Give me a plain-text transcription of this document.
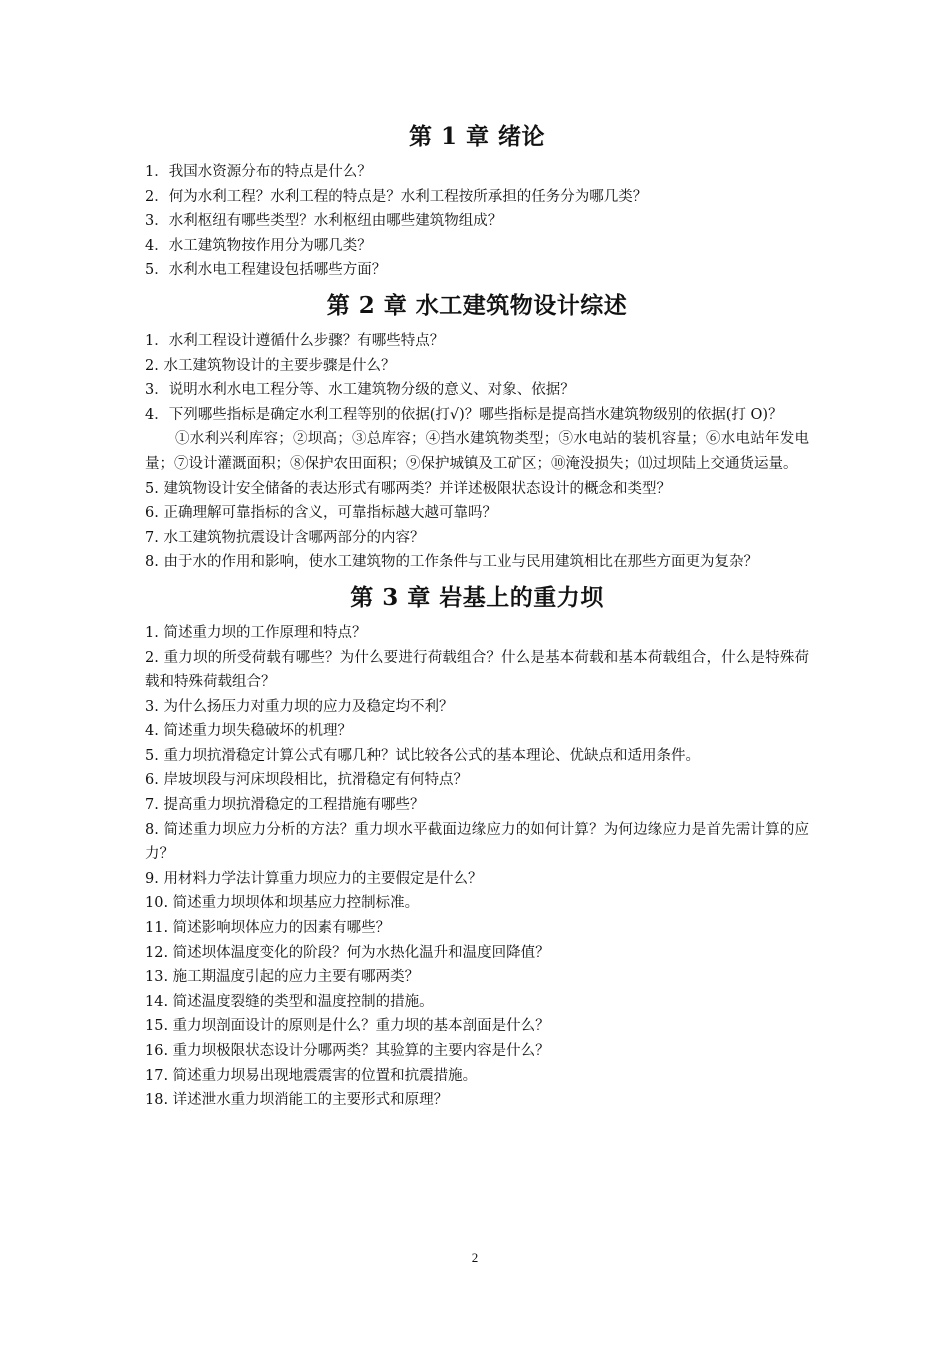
第 1 章 绪论

1．我国水资源分布的特点是什么？

2．何为水利工程？水利工程的特点是？水利工程按所承担的任务分为哪几类？

3．水利枢纽有哪些类型？水利枢纽由哪些建筑物组成？

4．水工建筑物按作用分为哪几类？

5．水利水电工程建设包括哪些方面？

第 2 章 水工建筑物设计综述

1．水利工程设计遵循什么步骤？有哪些特点？

2. 水工建筑物设计的主要步骤是什么？

3．说明水利水电工程分等、水工建筑物分级的意义、对象、依据？

4．下列哪些指标是确定水利工程等别的依据(打√)？哪些指标是提高挡水建筑物级别的依据(打 O)？

①水利兴利库容；②坝高；③总库容；④挡水建筑物类型；⑤水电站的装机容量；⑥水电站年发电量；⑦设计灌溉面积；⑧保护农田面积；⑨保护城镇及工矿区；⑩淹没损失；⑾过坝陆上交通货运量。

5. 建筑物设计安全储备的表达形式有哪两类？并详述极限状态设计的概念和类型？

6. 正确理解可靠指标的含义，可靠指标越大越可靠吗？

7. 水工建筑物抗震设计含哪两部分的内容？

8. 由于水的作用和影响，使水工建筑物的工作条件与工业与民用建筑相比在那些方面更为复杂？

第 3 章 岩基上的重力坝

1. 简述重力坝的工作原理和特点？

2. 重力坝的所受荷载有哪些？为什么要进行荷载组合？什么是基本荷载和基本荷载组合，什么是特殊荷载和特殊荷载组合？

3. 为什么扬压力对重力坝的应力及稳定均不利？

4. 简述重力坝失稳破坏的机理？

5. 重力坝抗滑稳定计算公式有哪几种？试比较各公式的基本理论、优缺点和适用条件。

6. 岸坡坝段与河床坝段相比，抗滑稳定有何特点？

7. 提高重力坝抗滑稳定的工程措施有哪些？

8. 简述重力坝应力分析的方法？重力坝水平截面边缘应力的如何计算？为何边缘应力是首先需计算的应力？

9. 用材料力学法计算重力坝应力的主要假定是什么？

10. 简述重力坝坝体和坝基应力控制标准。

11. 简述影响坝体应力的因素有哪些？

12. 简述坝体温度变化的阶段？何为水热化温升和温度回降值？

13. 施工期温度引起的应力主要有哪两类？

14. 简述温度裂缝的类型和温度控制的措施。

15. 重力坝剖面设计的原则是什么？重力坝的基本剖面是什么？

16. 重力坝极限状态设计分哪两类？其验算的主要内容是什么？

17. 简述重力坝易出现地震震害的位置和抗震措施。

18. 详述泄水重力坝消能工的主要形式和原理？

2
